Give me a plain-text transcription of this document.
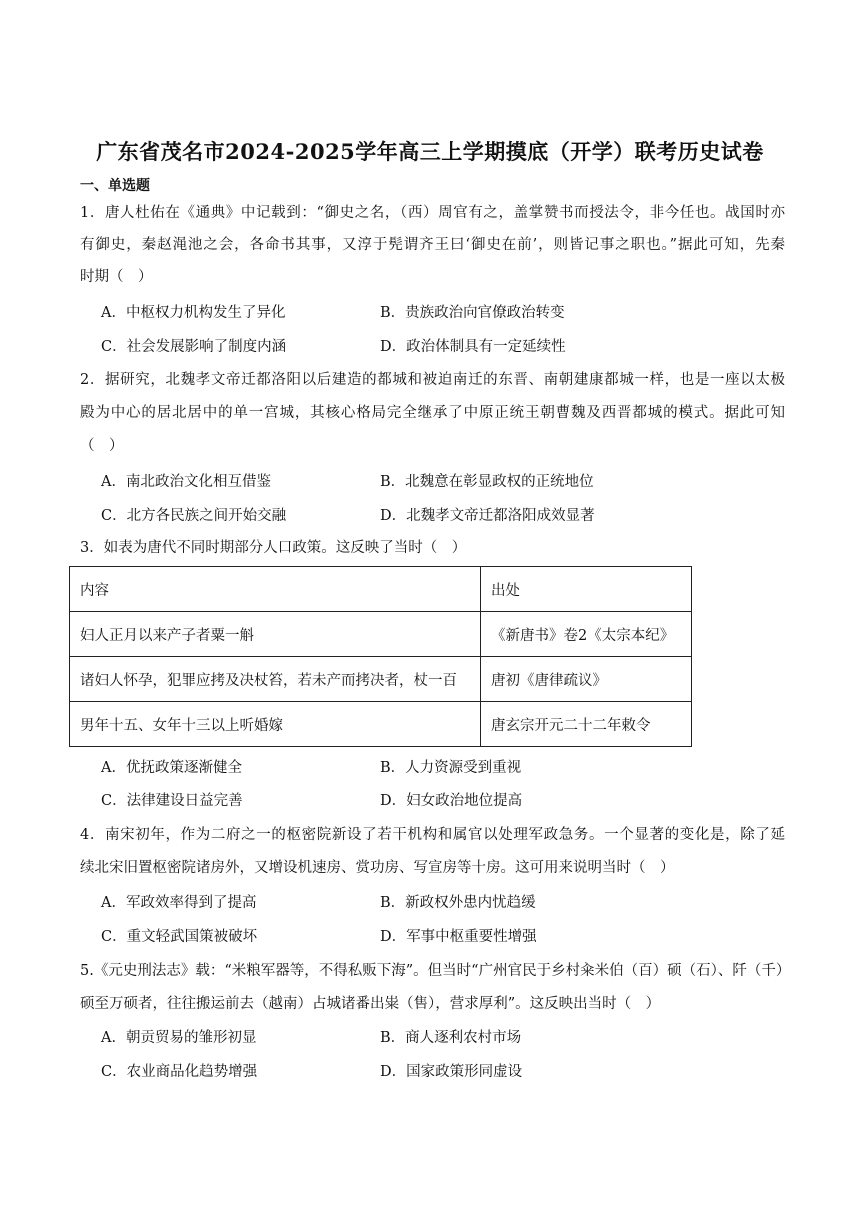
广东省茂名市2024-2025学年高三上学期摸底（开学）联考历史试卷
一、单选题
1．唐人杜佑在《通典》中记载到：“御史之名，（西）周官有之，盖掌赞书而授法令，非今任也。战国时亦
有御史，秦赵渑池之会，各命书其事，又淳于髡谓齐王曰‘御史在前’，则皆记事之职也。”据此可知，先秦
时期（　）
A．中枢权力机构发生了异化	B．贵族政治向官僚政治转变
C．社会发展影响了制度内涵	D．政治体制具有一定延续性
2．据研究，北魏孝文帝迁都洛阳以后建造的都城和被迫南迁的东晋、南朝建康都城一样，也是一座以太极
殿为中心的居北居中的单一宫城，其核心格局完全继承了中原正统王朝曹魏及西晋都城的模式。据此可知
（　）
A．南北政治文化相互借鉴	B．北魏意在彰显政权的正统地位
C．北方各民族之间开始交融	D．北魏孝文帝迁都洛阳成效显著
3．如表为唐代不同时期部分人口政策。这反映了当时（　）
内容	出处
妇人正月以来产子者粟一斛	《新唐书》卷2《太宗本纪》
诸妇人怀孕，犯罪应拷及决杖笞，若未产而拷决者，杖一百	唐初《唐律疏议》
男年十五、女年十三以上听婚嫁	唐玄宗开元二十二年敕令
A．优抚政策逐渐健全	B．人力资源受到重视
C．法律建设日益完善	D．妇女政治地位提高
4．南宋初年，作为二府之一的枢密院新设了若干机构和属官以处理军政急务。一个显著的变化是，除了延
续北宋旧置枢密院诸房外，又增设机速房、赏功房、写宣房等十房。这可用来说明当时（　）
A．军政效率得到了提高	B．新政权外患内忧趋缓
C．重文轻武国策被破坏	D．军事中枢重要性增强
5.《元史刑法志》载：“米粮军器等，不得私贩下海”。但当时“广州官民于乡村籴米伯（百）硕（石）、阡（千）
硕至万硕者，往往搬运前去（越南）占城诸番出粜（售），营求厚利”。这反映出当时（　）
A．朝贡贸易的雏形初显	B．商人逐利农村市场
C．农业商品化趋势增强	D．国家政策形同虚设
